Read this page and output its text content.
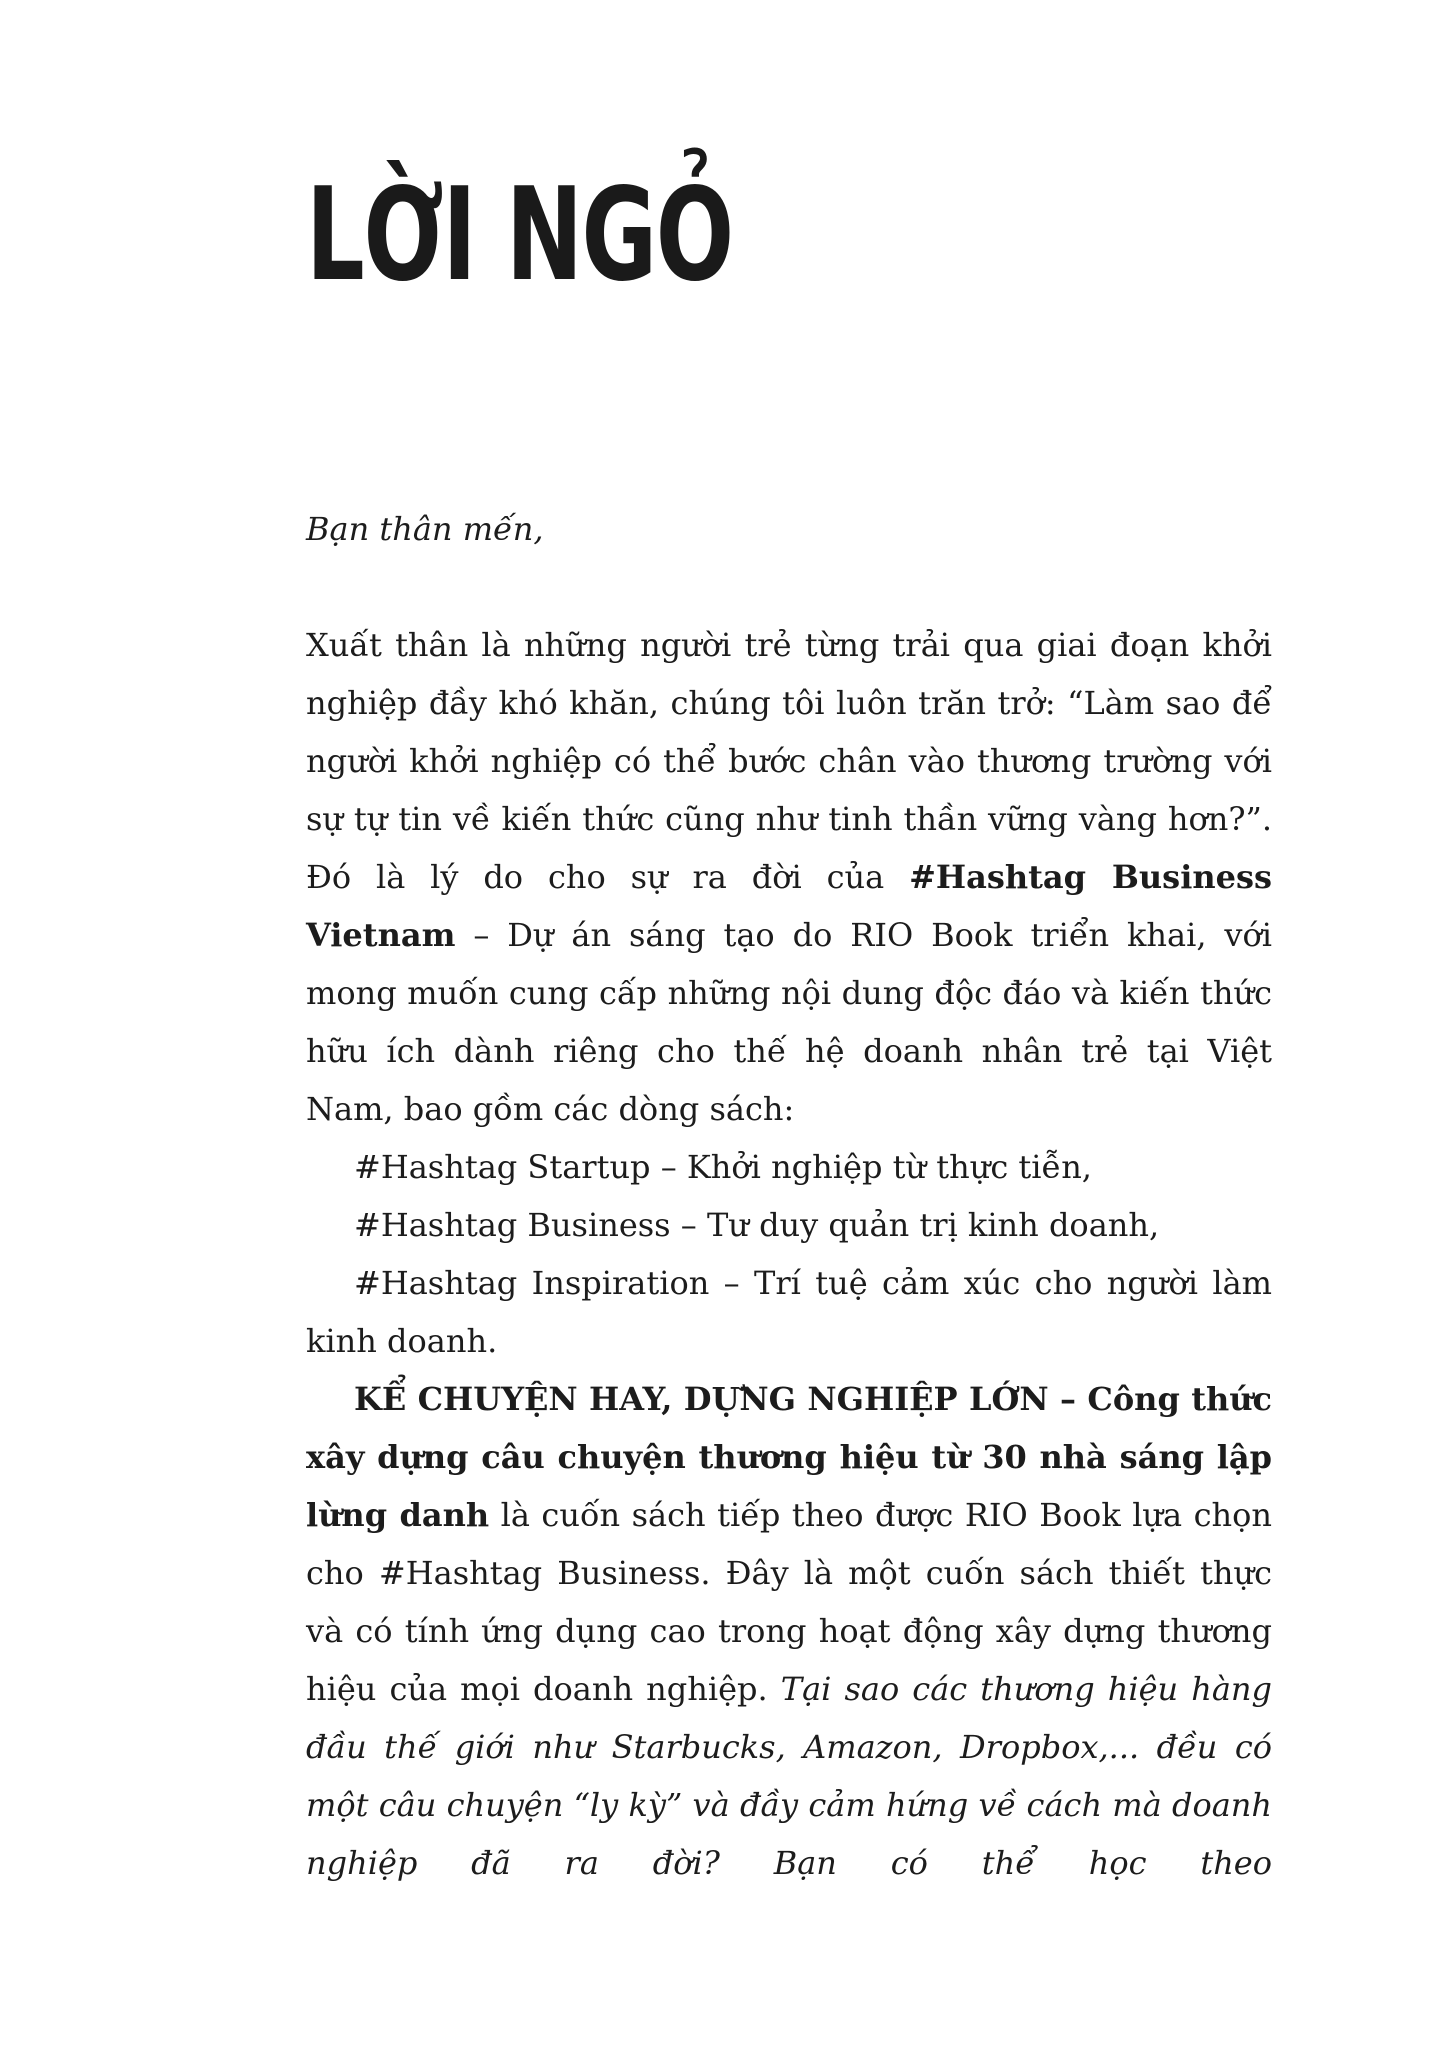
LỜI NGỎ

Bạn thân mến,

Xuất thân là những người trẻ từng trải qua giai đoạn khởi nghiệp đầy khó khăn, chúng tôi luôn trăn trở: “Làm sao để người khởi nghiệp có thể bước chân vào thương trường với sự tự tin về kiến thức cũng như tinh thần vững vàng hơn?”. Đó là lý do cho sự ra đời của #Hashtag Business Vietnam – Dự án sáng tạo do RIO Book triển khai, với mong muốn cung cấp những nội dung độc đáo và kiến thức hữu ích dành riêng cho thế hệ doanh nhân trẻ tại Việt Nam, bao gồm các dòng sách:

#Hashtag Startup – Khởi nghiệp từ thực tiễn,

#Hashtag Business – Tư duy quản trị kinh doanh,

#Hashtag Inspiration – Trí tuệ cảm xúc cho người làm kinh doanh.

KỂ CHUYỆN HAY, DỰNG NGHIỆP LỚN – Công thức xây dựng câu chuyện thương hiệu từ 30 nhà sáng lập lừng danh là cuốn sách tiếp theo được RIO Book lựa chọn cho #Hashtag Business. Đây là một cuốn sách thiết thực và có tính ứng dụng cao trong hoạt động xây dựng thương hiệu của mọi doanh nghiệp. Tại sao các thương hiệu hàng đầu thế giới như Starbucks, Amazon, Dropbox,... đều có một câu chuyện “ly kỳ” và đầy cảm hứng về cách mà doanh nghiệp đã ra đời? Bạn có thể học theo
